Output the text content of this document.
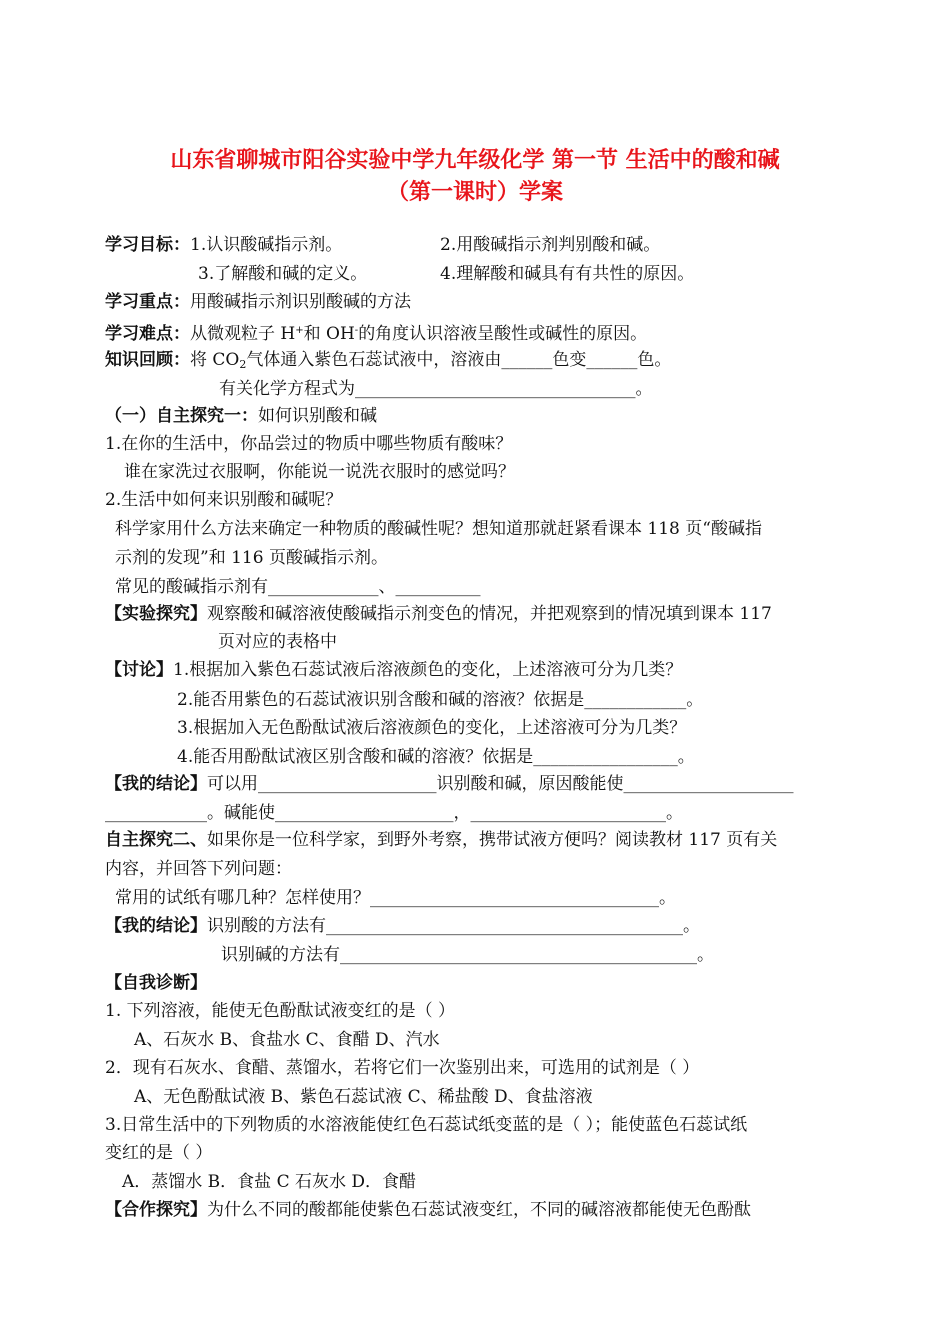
山东省聊城市阳谷实验中学九年级化学 第一节 生活中的酸和碱
（第一课时）学案
学习目标：1.认识酸碱指示剂。	2.用酸碱指示剂判别酸和碱。
3.了解酸和碱的定义。	4.理解酸和碱具有有共性的原因。
学习重点：用酸碱指示剂识别酸碱的方法
学习难点：从微观粒子 H+和 OH-的角度认识溶液呈酸性或碱性的原因。
知识回顾：将 $CO_2$气体通入紫色石蕊试液中，溶液由______色变______色。
有关化学方程式为_________________________________。
（一）自主探究一：如何识别酸和碱
1.在你的生活中，你品尝过的物质中哪些物质有酸味？
谁在家洗过衣服啊，你能说一说洗衣服时的感觉吗？
2.生活中如何来识别酸和碱呢？
科学家用什么方法来确定一种物质的酸碱性呢？想知道那就赶紧看课本 118 页“酸碱指
示剂的发现”和 116 页酸碱指示剂。
常见的酸碱指示剂有_____________、__________
【实验探究】观察酸和碱溶液使酸碱指示剂变色的情况，并把观察到的情况填到课本 117
页对应的表格中
【讨论】1.根据加入紫色石蕊试液后溶液颜色的变化，上述溶液可分为几类？
2.能否用紫色的石蕊试液识别含酸和碱的溶液？依据是____________。
3.根据加入无色酚酞试液后溶液颜色的变化，上述溶液可分为几类？
4.能否用酚酞试液区别含酸和碱的溶液？依据是_________________。
【我的结论】可以用_____________________识别酸和碱，原因酸能使____________________
____________。碱能使_____________________，_______________________。
自主探究二、如果你是一位科学家，到野外考察，携带试液方便吗？阅读教材 117 页有关
内容，并回答下列问题：
常用的试纸有哪几种？怎样使用？__________________________________。
【我的结论】识别酸的方法有__________________________________________。
识别碱的方法有__________________________________________。
【自我诊断】
1. 下列溶液，能使无色酚酞试液变红的是（ ）
A、石灰水 B、食盐水 C、食醋 D、汽水
2．现有石灰水、食醋、蒸馏水，若将它们一次鉴别出来，可选用的试剂是（ ）
A、无色酚酞试液 B、紫色石蕊试液 C、稀盐酸 D、食盐溶液
3.日常生活中的下列物质的水溶液能使红色石蕊试纸变蓝的是（ ）；能使蓝色石蕊试纸
变红的是（ ）
A．蒸馏水 B．食盐 C 石灰水 D．食醋
【合作探究】为什么不同的酸都能使紫色石蕊试液变红，不同的碱溶液都能使无色酚酞
